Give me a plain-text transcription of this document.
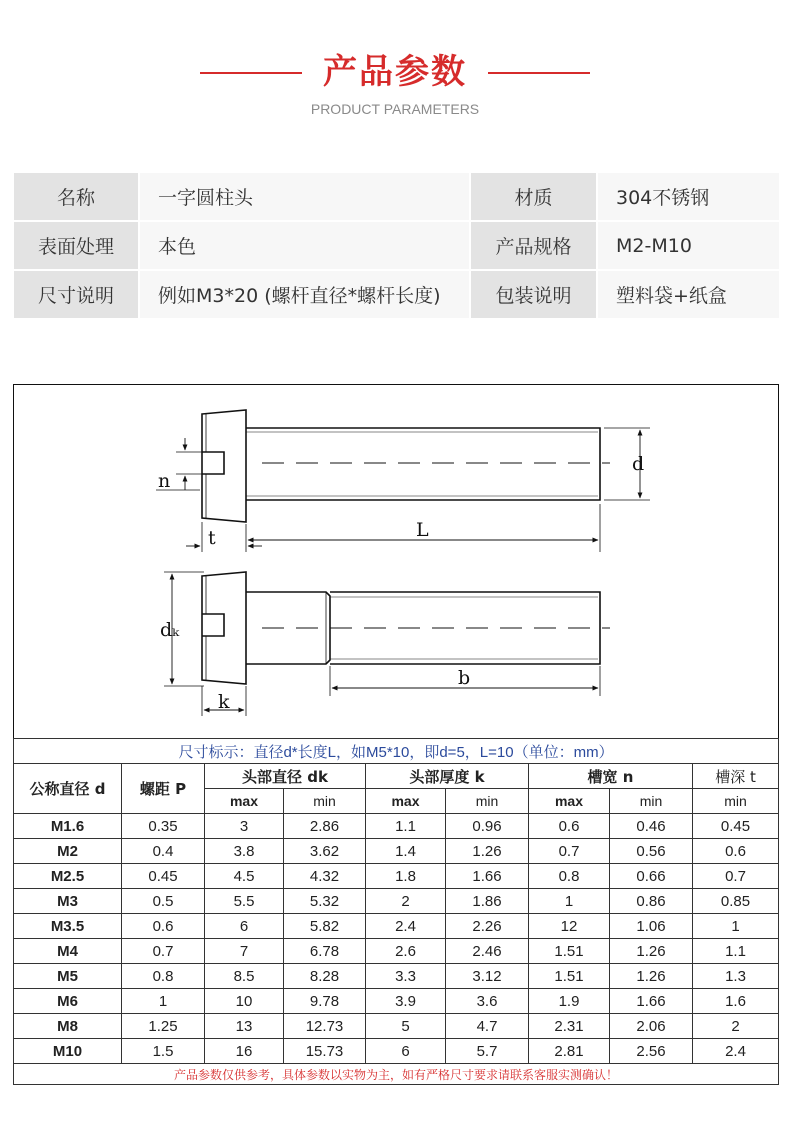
产品参数
PRODUCT PARAMETERS
名称	一字圆柱头	材质	304不锈钢
表面处理	本色	产品规格	M2-M10
尺寸说明	例如M3*20 (螺杆直径*螺杆长度)	包装说明	塑料袋+纸盒
n
t	L
d
dₖ
k
b
尺寸标示：直径d*长度L，如M5*10，即d=5，L=10（单位：mm）								
公称直径 d	螺距 P	头部直径 dk		头部厚度 k		槽宽 n		槽深 t
		max	min	max	min	max	min	min
M1.6	0.35	3	2.86	1.1	0.96	0.6	0.46	0.45
M2	0.4	3.8	3.62	1.4	1.26	0.7	0.56	0.6
M2.5	0.45	4.5	4.32	1.8	1.66	0.8	0.66	0.7
M3	0.5	5.5	5.32	2	1.86	1	0.86	0.85
M3.5	0.6	6	5.82	2.4	2.26	12	1.06	1
M4	0.7	7	6.78	2.6	2.46	1.51	1.26	1.1
M5	0.8	8.5	8.28	3.3	3.12	1.51	1.26	1.3
M6	1	10	9.78	3.9	3.6	1.9	1.66	1.6
M8	1.25	13	12.73	5	4.7	2.31	2.06	2
M10	1.5	16	15.73	6	5.7	2.81	2.56	2.4
产品参数仅供参考，具体参数以实物为主，如有严格尺寸要求请联系客服实测确认！								
